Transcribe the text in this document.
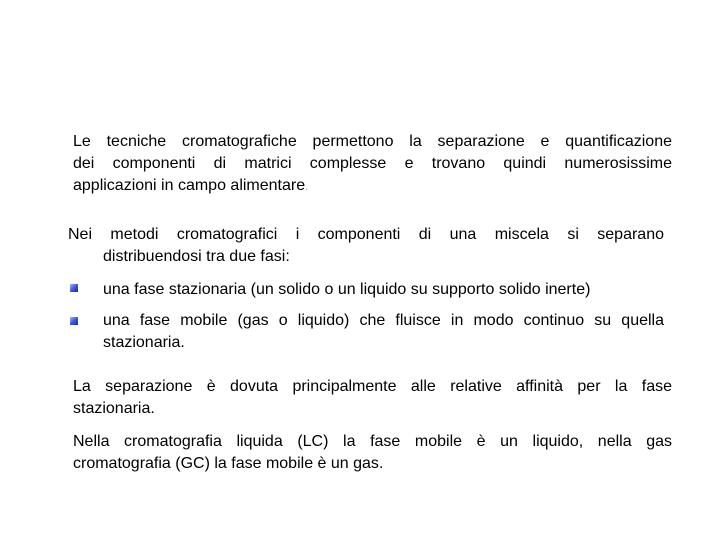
Le tecniche cromatografiche permettono la separazione e quantificazione
dei componenti di matrici complesse e trovano quindi numerosissime
applicazioni in campo alimentare.
Nei metodi cromatografici i componenti di una miscela si separano
distribuendosi tra due fasi:

una fase stazionaria (un solido o un liquido su supporto solido inerte)

una fase mobile (gas o liquido) che fluisce in modo continuo su quella
stazionaria.

La separazione è dovuta principalmente alle relative affinità per la fase
stazionaria.
Nella cromatografia liquida (LC) la fase mobile è un liquido, nella gas
cromatografia (GC) la fase mobile è un gas.
